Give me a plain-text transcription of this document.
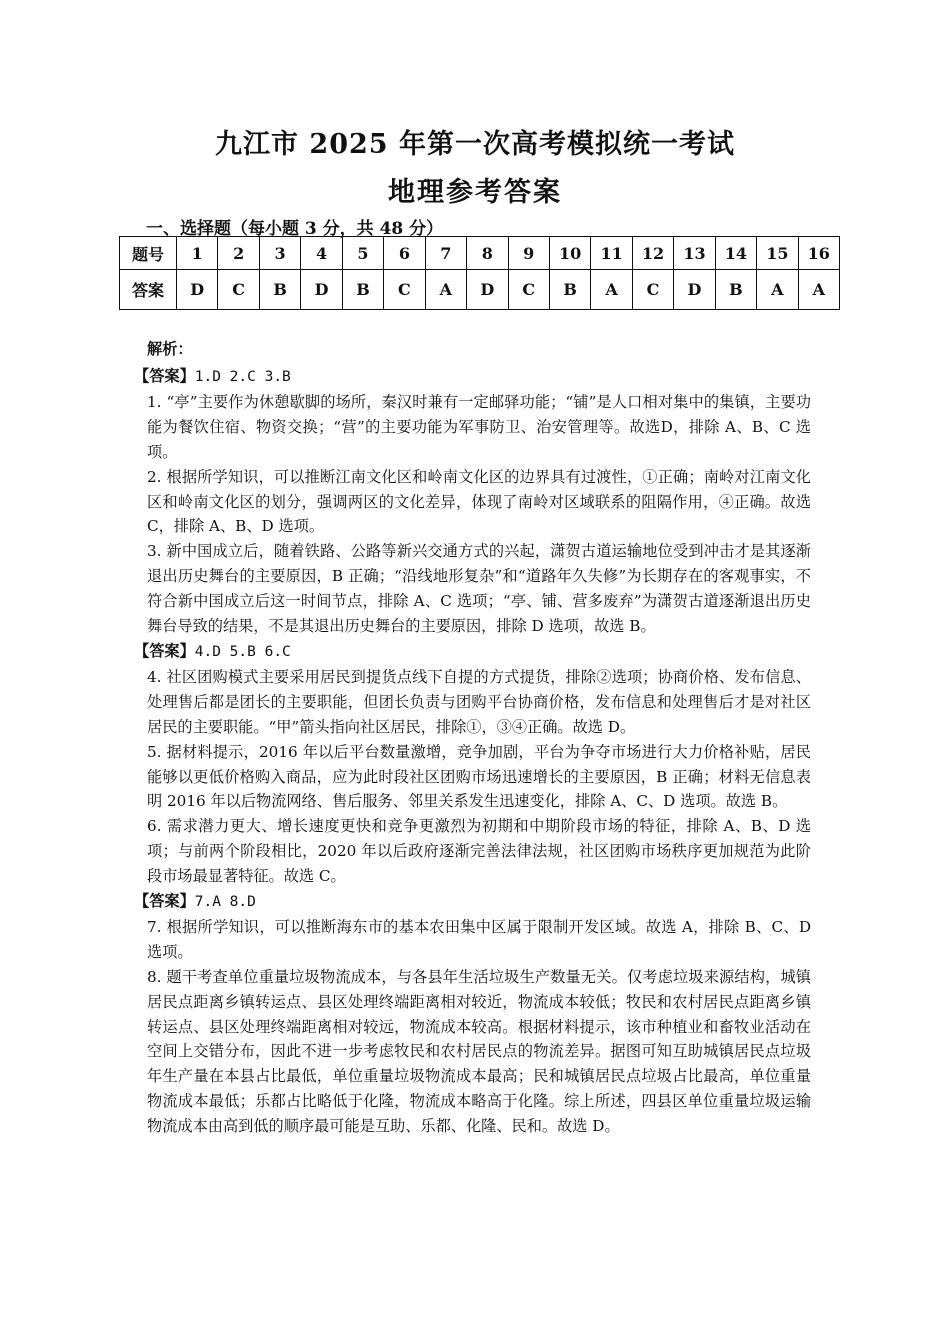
九江市 2025 年第一次高考模拟统一考试
地理参考答案
一、选择题（每小题 3 分，共 48 分）
题号	1	2	3	4	5	6	7	8	9	10	11	12	13	14	15	16
答案	D	C	B	D	B	C	A	D	C	B	A	C	D	B	A	A

解析：

【答案】1.D 2.C 3.B

1. “亭”主要作为休憩歇脚的场所，秦汉时兼有一定邮驿功能；“铺”是人口相对集中的集镇，主要功能为餐饮住宿、物资交换；“营”的主要功能为军事防卫、治安管理等。故选D，排除 A、B、C 选项。

2. 根据所学知识，可以推断江南文化区和岭南文化区的边界具有过渡性，①正确；南岭对江南文化区和岭南文化区的划分，强调两区的文化差异，体现了南岭对区域联系的阻隔作用，④正确。故选 C，排除 A、B、D 选项。

3. 新中国成立后，随着铁路、公路等新兴交通方式的兴起，潇贺古道运输地位受到冲击才是其逐渐退出历史舞台的主要原因，B 正确；“沿线地形复杂”和“道路年久失修”为长期存在的客观事实，不符合新中国成立后这一时间节点，排除 A、C 选项；“亭、铺、营多废弃”为潇贺古道逐渐退出历史舞台导致的结果，不是其退出历史舞台的主要原因，排除 D 选项，故选 B。

【答案】4.D 5.B 6.C

4. 社区团购模式主要采用居民到提货点线下自提的方式提货，排除②选项；协商价格、发布信息、处理售后都是团长的主要职能，但团长负责与团购平台协商价格，发布信息和处理售后才是对社区居民的主要职能。“甲”箭头指向社区居民，排除①，③④正确。故选 D。

5. 据材料提示，2016 年以后平台数量激增，竞争加剧，平台为争夺市场进行大力价格补贴，居民能够以更低价格购入商品，应为此时段社区团购市场迅速增长的主要原因，B 正确；材料无信息表明 2016 年以后物流网络、售后服务、邻里关系发生迅速变化，排除 A、C、D 选项。故选 B。

6. 需求潜力更大、增长速度更快和竞争更激烈为初期和中期阶段市场的特征，排除 A、B、D 选项；与前两个阶段相比，2020 年以后政府逐渐完善法律法规，社区团购市场秩序更加规范为此阶段市场最显著特征。故选 C。

【答案】7.A 8.D

7. 根据所学知识，可以推断海东市的基本农田集中区属于限制开发区域。故选 A，排除 B、C、D 选项。

8. 题干考查单位重量垃圾物流成本，与各县年生活垃圾生产数量无关。仅考虑垃圾来源结构，城镇居民点距离乡镇转运点、县区处理终端距离相对较近，物流成本较低；牧民和农村居民点距离乡镇转运点、县区处理终端距离相对较远，物流成本较高。根据材料提示，该市种植业和畜牧业活动在空间上交错分布，因此不进一步考虑牧民和农村居民点的物流差异。据图可知互助城镇居民点垃圾年生产量在本县占比最低，单位重量垃圾物流成本最高；民和城镇居民点垃圾占比最高，单位重量物流成本最低；乐都占比略低于化隆，物流成本略高于化隆。综上所述，四县区单位重量垃圾运输物流成本由高到低的顺序最可能是互助、乐都、化隆、民和。故选 D。
